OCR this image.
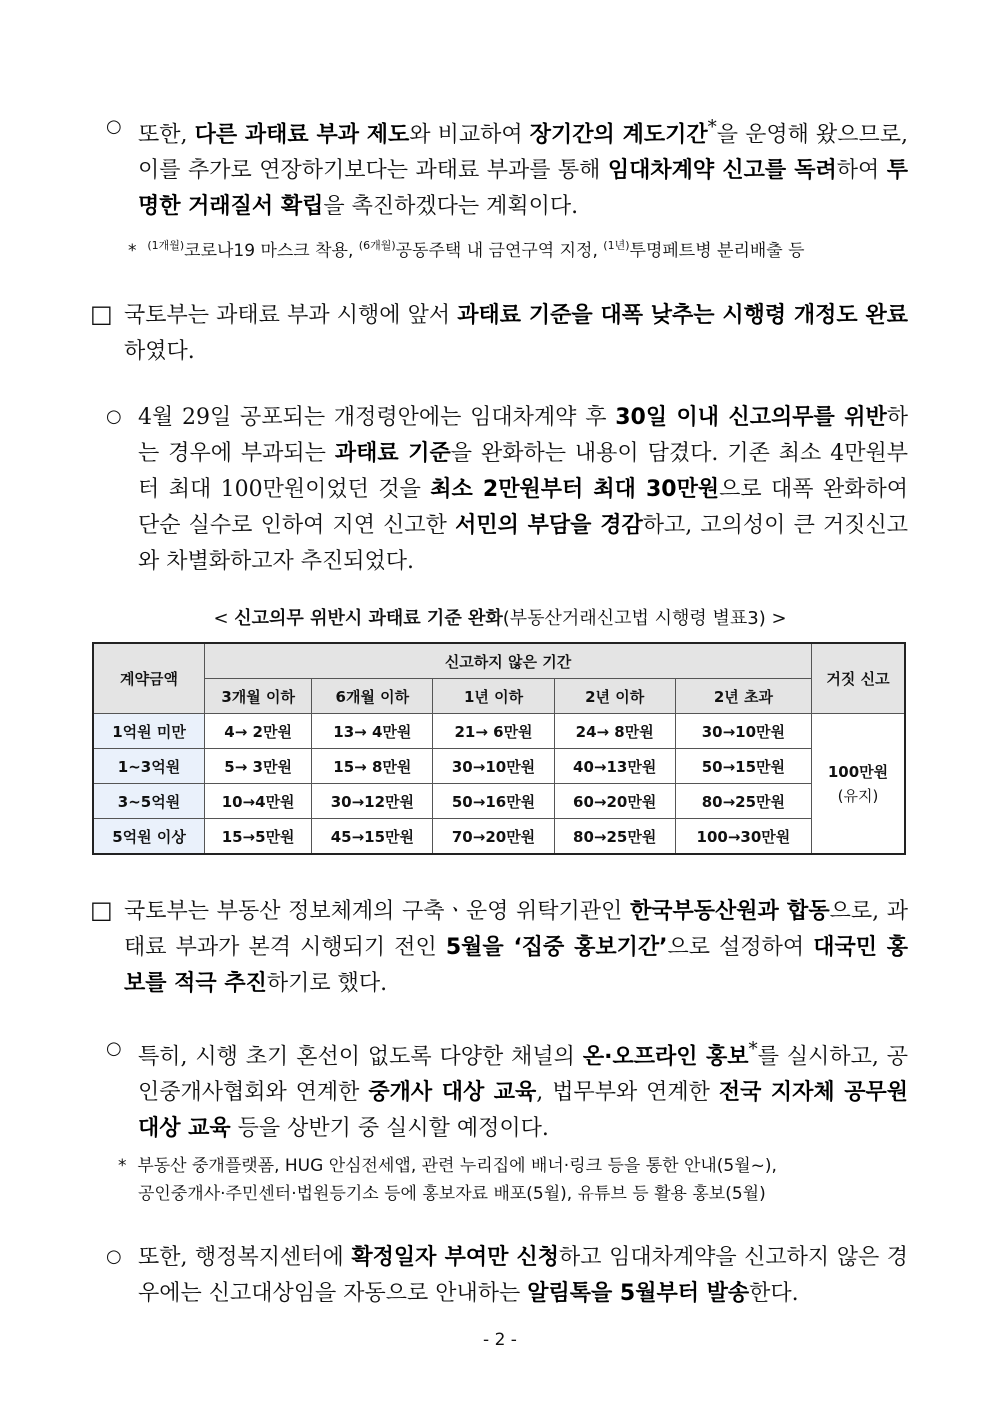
○ 또한, 다른 과태료 부과 제도와 비교하여 장기간의 계도기간*을 운영해 왔으므로, 이를 추가로 연장하기보다는 과태료 부과를 통해 임대차계약 신고를 독려하여 투명한 거래질서 확립을 촉진하겠다는 계획이다.

* $^{(1개월)}$코로나19 마스크 착용, $^{(6개월)}$공동주택 내 금연구역 지정, $^{(1년)}$투명페트병 분리배출 등
□ 국토부는 과태료 부과 시행에 앞서 과태료 기준을 대폭 낮추는 시행령 개정도 완료하였다.

○ 4월 29일 공포되는 개정령안에는 임대차계약 후 30일 이내 신고의무를 위반하는 경우에 부과되는 과태료 기준을 완화하는 내용이 담겼다. 기존 최소 4만원부터 최대 100만원이었던 것을 최소 2만원부터 최대 30만원으로 대폭 완화하여 단순 실수로 인하여 지연 신고한 서민의 부담을 경감하고, 고의성이 큰 거짓신고와 차별화하고자 추진되었다.

< 신고의무 위반시 과태료 기준 완화(부동산거래신고법 시행령 별표3) >
계약금액	신고하지 않은 기간					거짓 신고
	3개월 이하	6개월 이하	1년 이하	2년 이하	2년 초과	
1억원 미만	4→ 2만원	13→ 4만원	21→ 6만원	24→ 8만원	30→10만원	100만원
(유지)

1~3억원	5→ 3만원	15→ 8만원	30→10만원	40→13만원	50→15만원	
3~5억원	10→4만원	30→12만원	50→16만원	60→20만원	80→25만원	
5억원 이상	15→5만원	45→15만원	70→20만원	80→25만원	100→30만원	
□ 국토부는 부동산 정보체계의 구축ㆍ운영 위탁기관인 한국부동산원과 합동으로, 과태료 부과가 본격 시행되기 전인 5월을 ‘집중 홍보기간’으로 설정하여 대국민 홍보를 적극 추진하기로 했다.

○ 특히, 시행 초기 혼선이 없도록 다양한 채널의 온·오프라인 홍보*를 실시하고, 공인중개사협회와 연계한 중개사 대상 교육, 법무부와 연계한 전국 지자체 공무원 대상 교육 등을 상반기 중 실시할 예정이다.

* 부동산 중개플랫폼, HUG 안심전세앱, 관련 누리집에 배너·링크 등을 통한 안내(5월~),
공인중개사·주민센터·법원등기소 등에 홍보자료 배포(5월), 유튜브 등 활용 홍보(5월)
○ 또한, 행정복지센터에 확정일자 부여만 신청하고 임대차계약을 신고하지 않은 경우에는 신고대상임을 자동으로 안내하는 알림톡을 5월부터 발송한다.

- 2 -
